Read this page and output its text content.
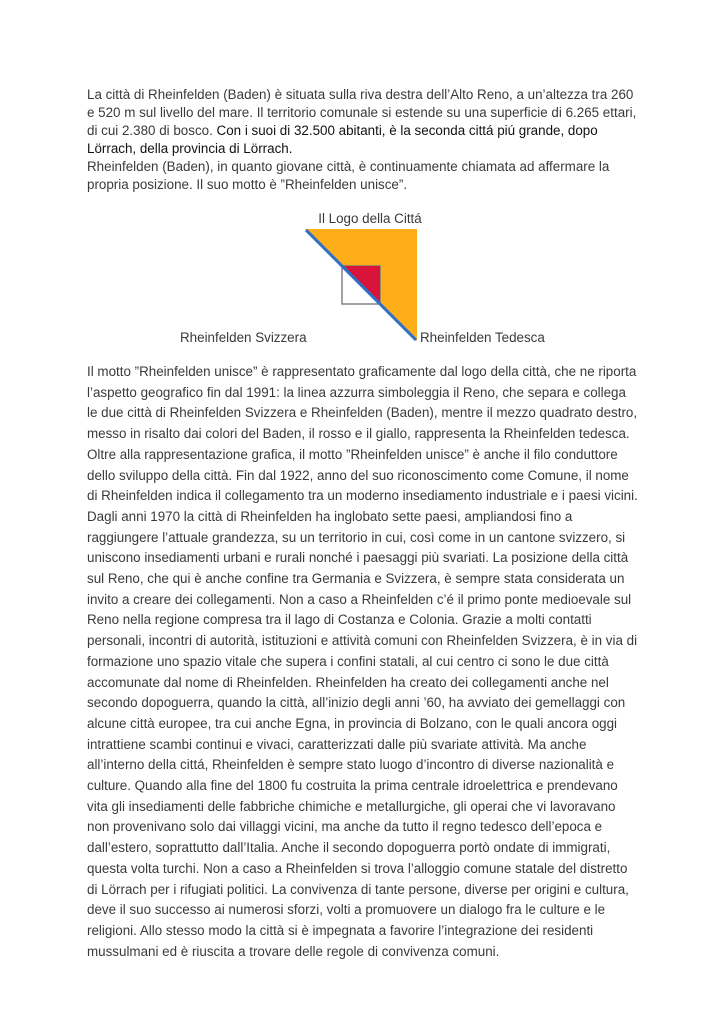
La città di Rheinfelden (Baden) è situata sulla riva destra dell’Alto Reno, a un’altezza tra 260 e 520 m sul livello del mare. Il territorio comunale si estende su una superficie di 6.265 ettari, di cui 2.380 di bosco. Con i suoi di 32.500 abitanti, è la seconda cittá piú grande, dopo Lörrach, della provincia di Lörrach.

Rheinfelden (Baden), in quanto giovane città, è continuamente chiamata ad affermare la propria posizione. Il suo motto è ”Rheinfelden unisce”.

Il Logo della Cittá
Rheinfelden Svizzera	Rheinfelden Tedesca

Il motto ”Rheinfelden unisce” è rappresentato graficamente dal logo della città, che ne riporta l’aspetto geografico fin dal 1991: la linea azzurra simboleggia il Reno, che separa e collega le due città di Rheinfelden Svizzera e Rheinfelden (Baden), mentre il mezzo quadrato destro, messo in risalto dai colori del Baden, il rosso e il giallo, rappresenta la Rheinfelden tedesca. Oltre alla rappresentazione grafica, il motto ”Rheinfelden unisce” è anche il filo conduttore dello sviluppo della città. Fin dal 1922, anno del suo riconoscimento come Comune, il nome di Rheinfelden indica il collegamento tra un moderno insediamento industriale e i paesi vicini. Dagli anni 1970 la città di Rheinfelden ha inglobato sette paesi, ampliandosi fino a raggiungere l’attuale grandezza, su un territorio in cui, così come in un cantone svizzero, si uniscono insediamenti urbani e rurali nonché i paesaggi più svariati. La posizione della città sul Reno, che qui è anche confine tra Germania e Svizzera, è sempre stata considerata un invito a creare dei collegamenti. Non a caso a Rheinfelden c’é il primo ponte medioevale sul Reno nella regione compresa tra il lago di Costanza e Colonia. Grazie a molti contatti personali, incontri di autorità, istituzioni e attività comuni con Rheinfelden Svizzera, è in via di formazione uno spazio vitale che supera i confini statali, al cui centro ci sono le due città accomunate dal nome di Rheinfelden. Rheinfelden ha creato dei collegamenti anche nel secondo dopoguerra, quando la città, all’inizio degli anni ’60, ha avviato dei gemellaggi con alcune città europee, tra cui anche Egna, in provincia di Bolzano, con le quali ancora oggi intrattiene scambi continui e vivaci, caratterizzati dalle più svariate attività. Ma anche all’interno della cittá, Rheinfelden è sempre stato luogo d’incontro di diverse nazionalità e culture. Quando alla fine del 1800 fu costruita la prima centrale idroelettrica e prendevano vita gli insediamenti delle fabbriche chimiche e metallurgiche, gli operai che vi lavoravano non provenivano solo dai villaggi vicini, ma anche da tutto il regno tedesco dell’epoca e dall’estero, soprattutto dall’Italia. Anche il secondo dopoguerra portò ondate di immigrati, questa volta turchi. Non a caso a Rheinfelden si trova l’alloggio comune statale del distretto di Lörrach per i rifugiati politici. La convivenza di tante persone, diverse per origini e cultura, deve il suo successo ai numerosi sforzi, volti a promuovere un dialogo fra le culture e le religioni. Allo stesso modo la città si è impegnata a favorire l’integrazione dei residenti mussulmani ed è riuscita a trovare delle regole di convivenza comuni.
